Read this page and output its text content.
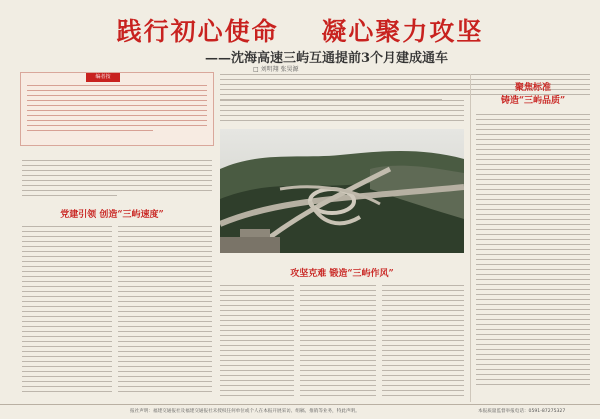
践行初心使命    凝心聚力攻坚
——沈海高速三屿互通提前3个月建成通车
□ 刘明翔 张昊源
编者按
党建引领 创造“三屿速度”
攻坚克难 锻造“三屿作风”
聚焦标准
铸造“三屿品质”
报社声明：福建交通报社及福建交通报社未授权任何单位或个人在本报开展采访、组稿、推销等业务，特此声明。	本报质量监督举报电话：0591-87275327
